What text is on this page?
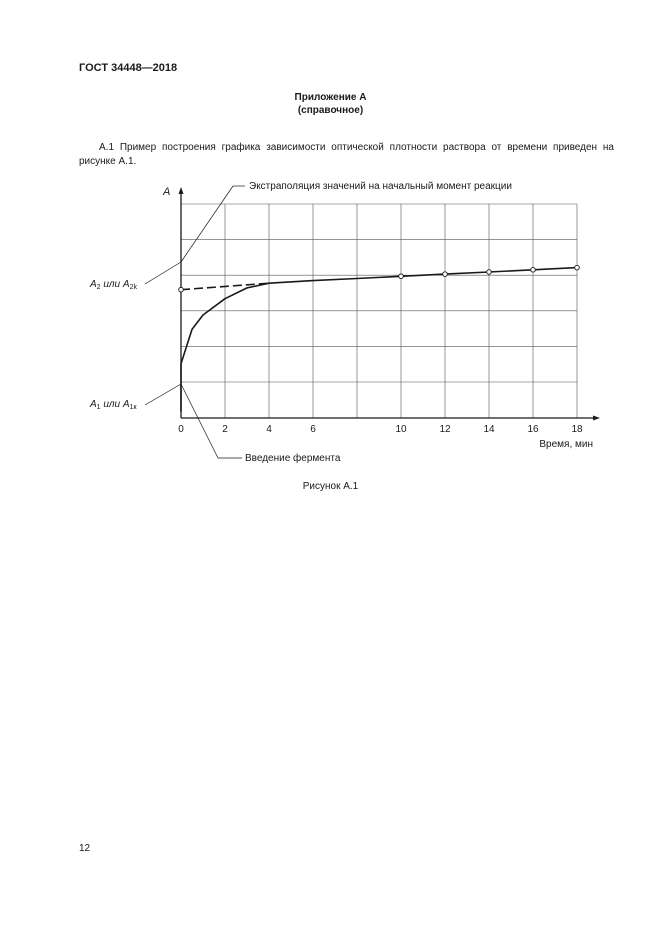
ГОСТ 34448—2018
Приложение А
(справочное)
А.1 Пример построения графика зависимости оптической плотности раствора от времени приведен на
рисунке А.1.
0	2	4	6	10	12	14	16	18
A
Время, мин
Экстраполяция значений на начальный момент реакции
Введение фермента
$A_2$ или $A_{2k}$
$A_1$ или $A_{1к}$
Рисунок А.1
12
